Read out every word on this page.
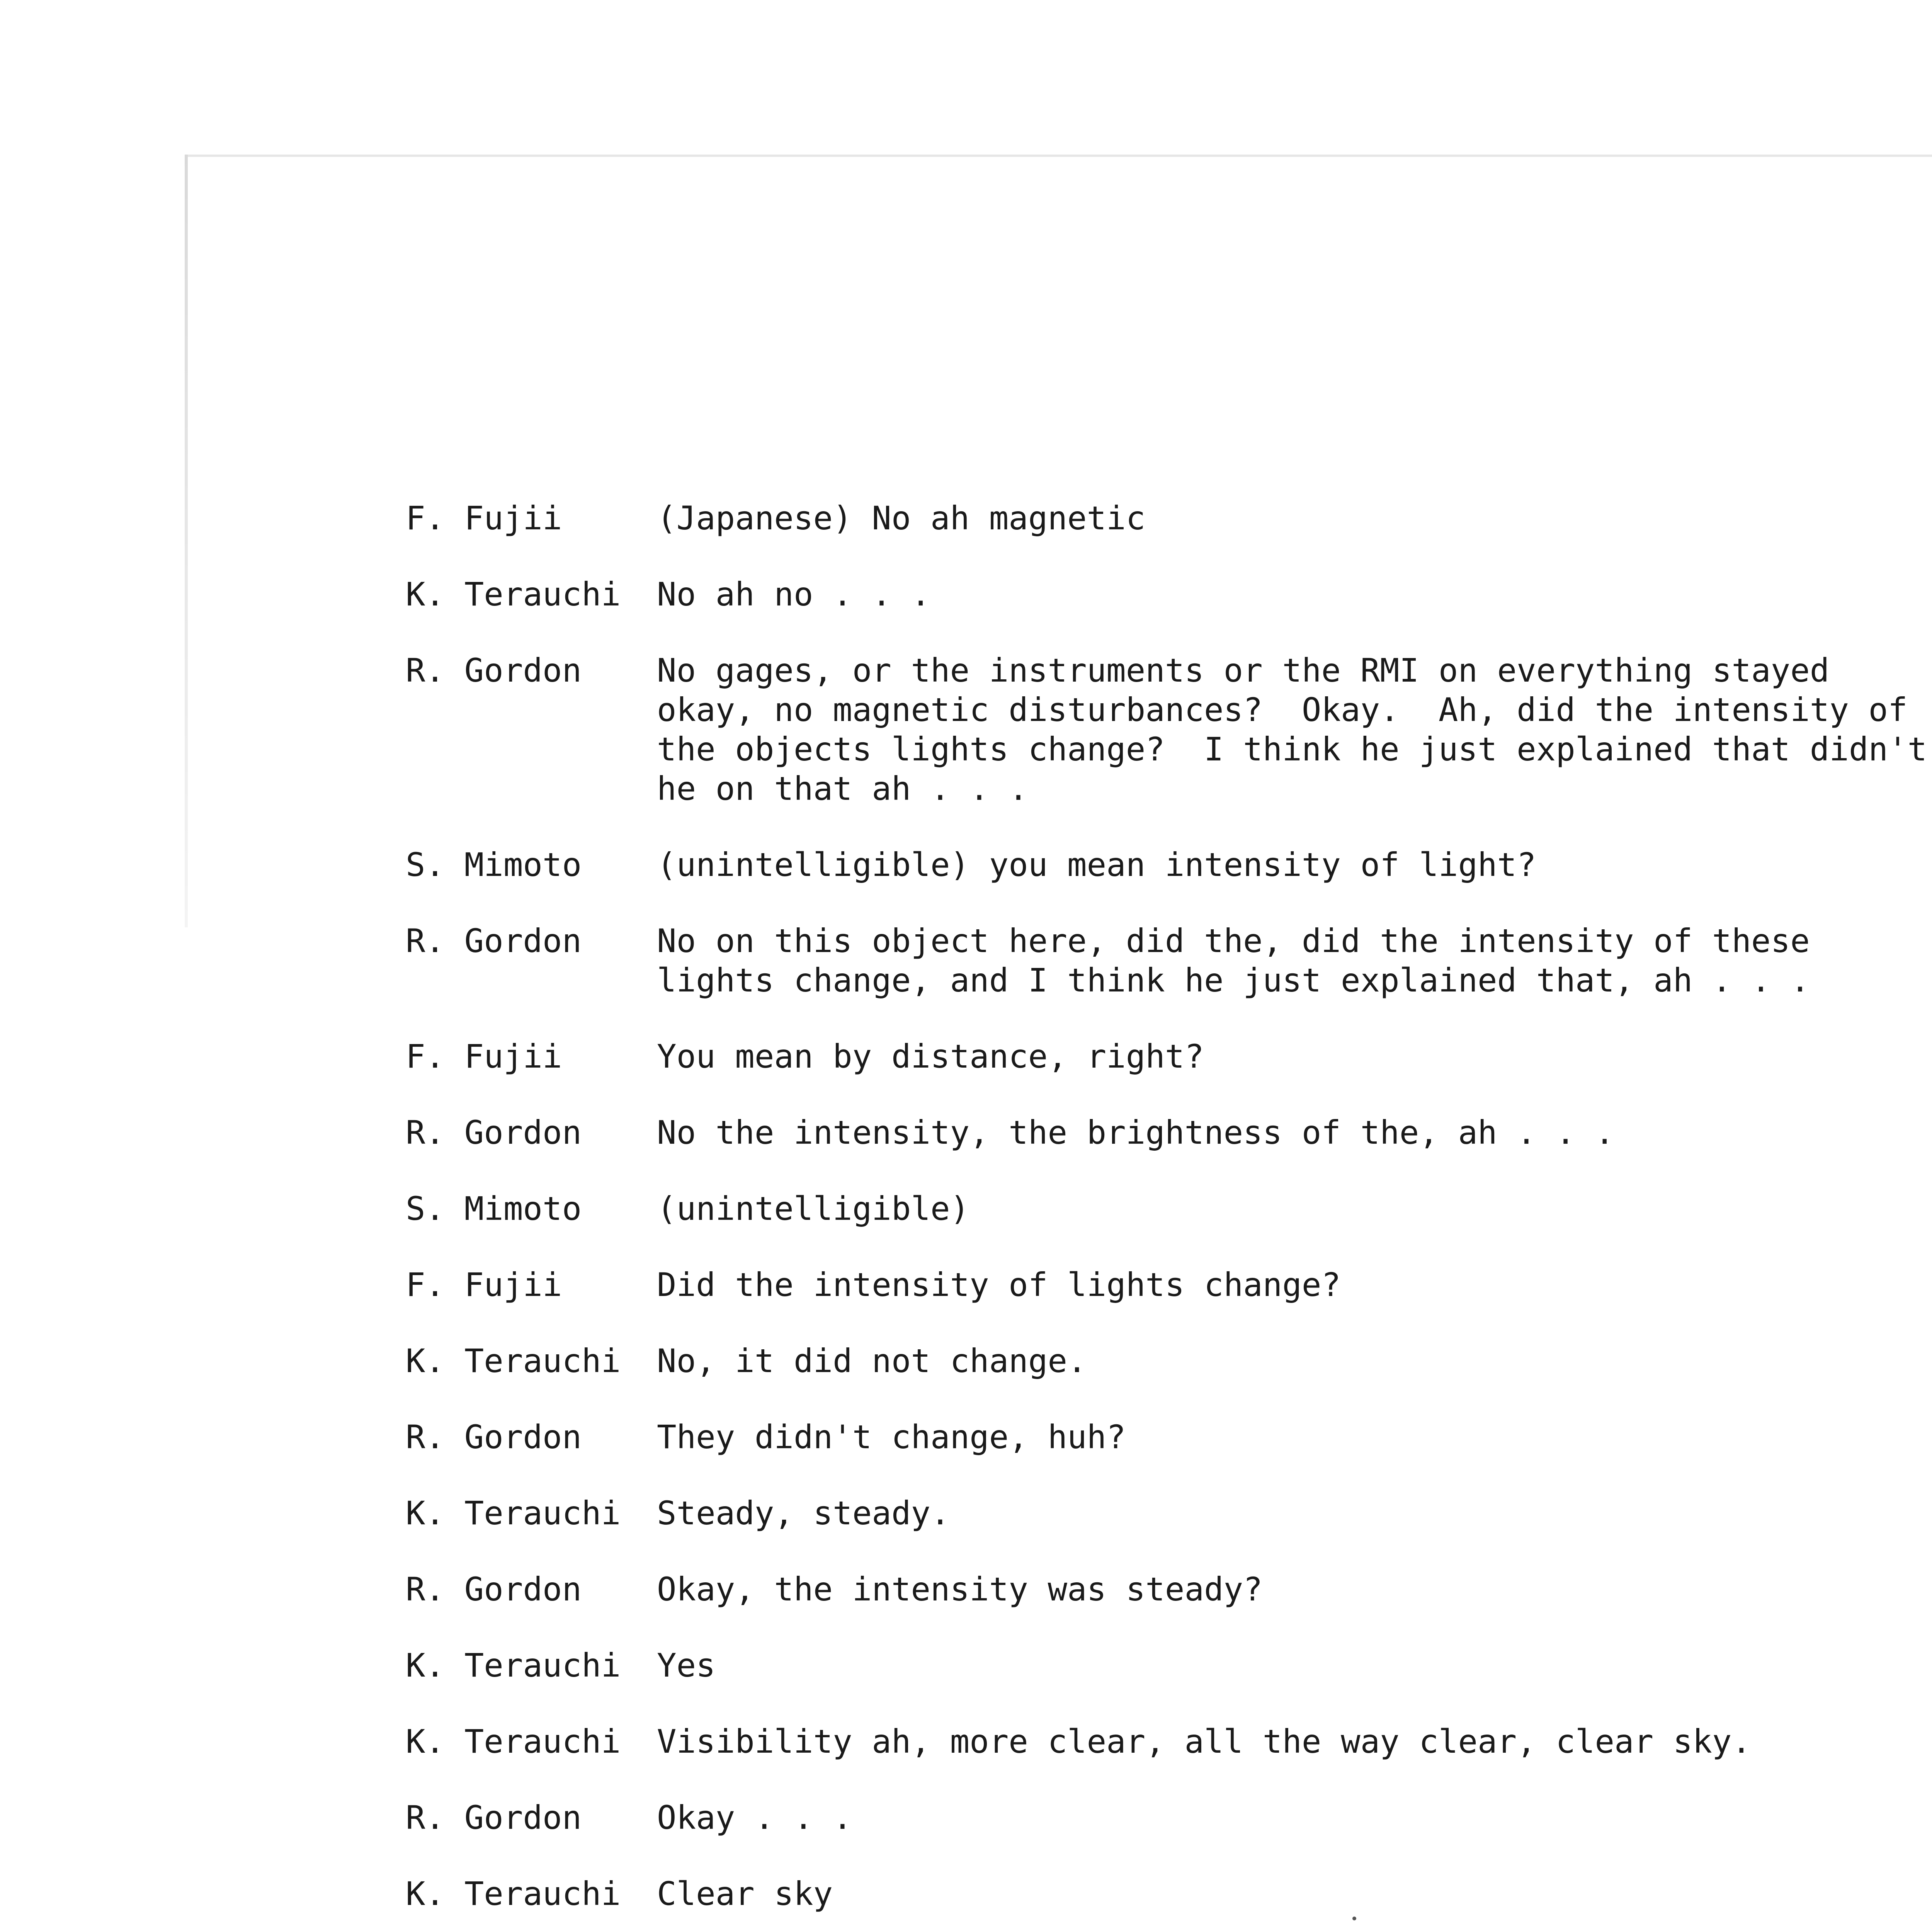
F. Fujii	(Japanese) No ah magnetic
K. Terauchi	No ah no . . .
R. Gordon	No gages, or the instruments or the RMI on everything stayed
okay, no magnetic disturbances?  Okay.  Ah, did the intensity of
the objects lights change?  I think he just explained that didn't
he on that ah . . .
S. Mimoto	(unintelligible) you mean intensity of light?
R. Gordon	No on this object here, did the, did the intensity of these
lights change, and I think he just explained that, ah . . .
F. Fujii	You mean by distance, right?
R. Gordon	No the intensity, the brightness of the, ah . . .
S. Mimoto	(unintelligible)
F. Fujii	Did the intensity of lights change?
K. Terauchi	No, it did not change.
R. Gordon	They didn't change, huh?
K. Terauchi	Steady, steady.
R. Gordon	Okay, the intensity was steady?
K. Terauchi	Yes
K. Terauchi	Visibility ah, more clear, all the way clear, clear sky.
R. Gordon	Okay . . .
K. Terauchi	Clear sky
